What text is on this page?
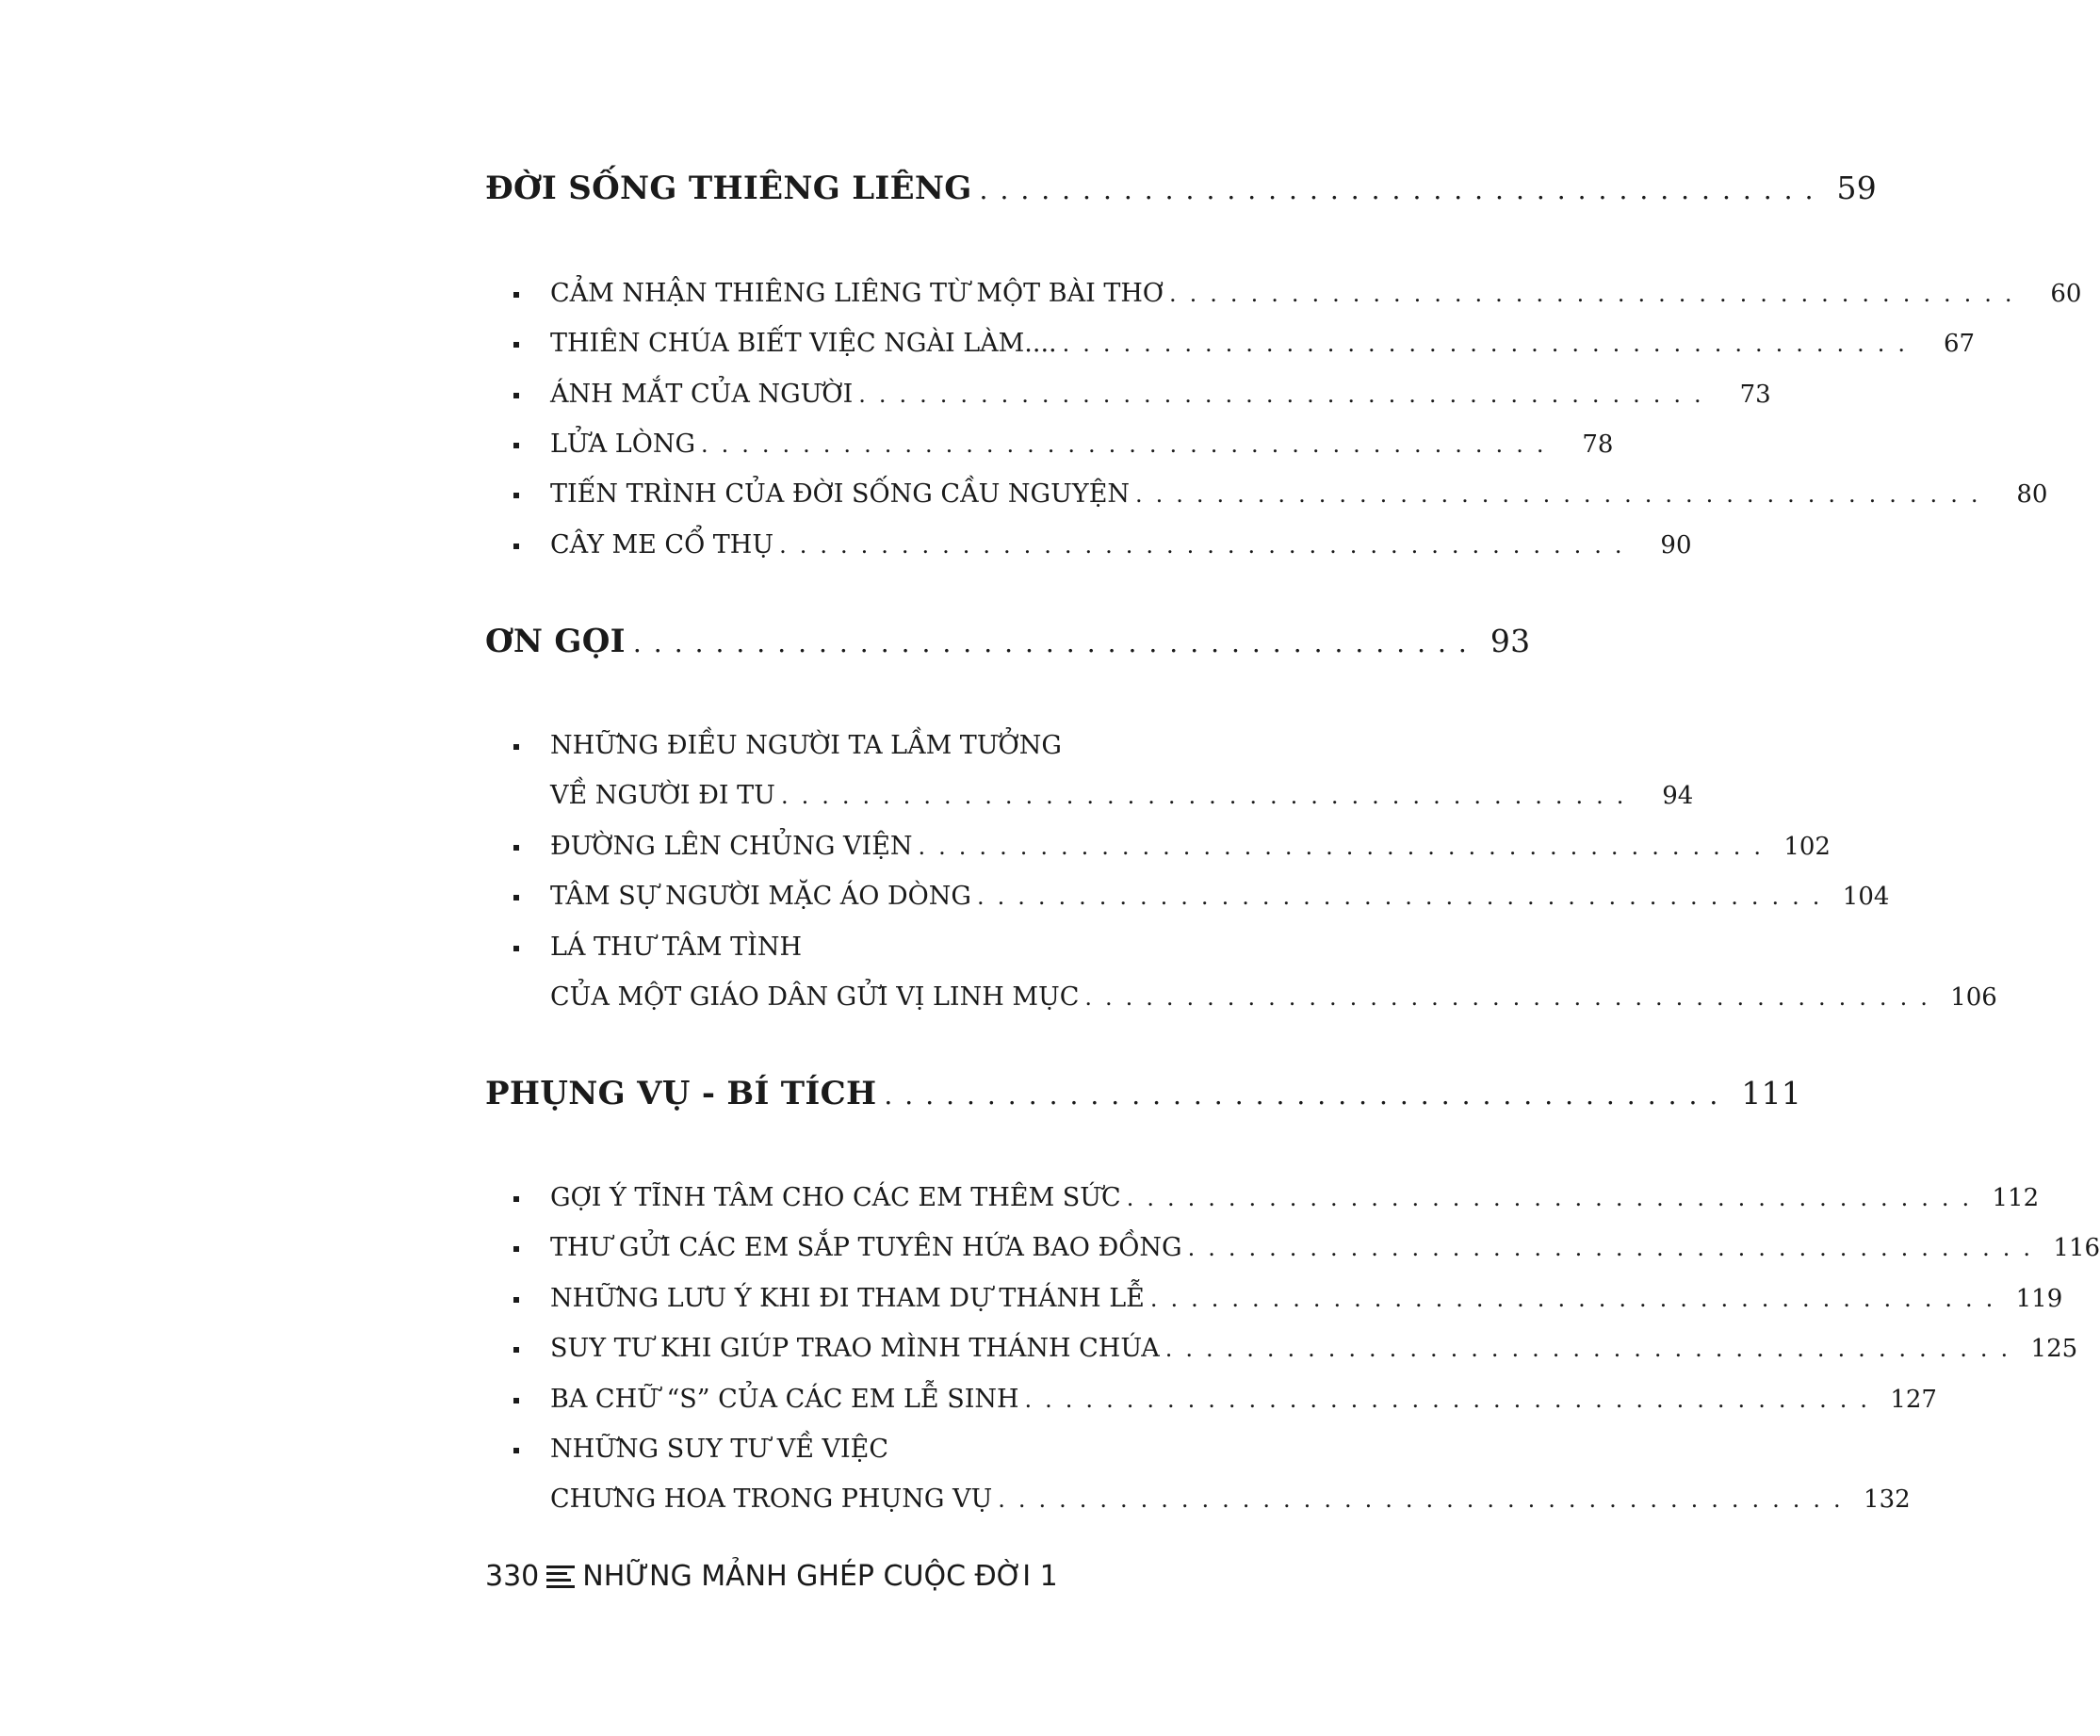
ĐỜI SỐNG THIÊNG LIÊNG ......................................... 59
CẢM NHẬN THIÊNG LIÊNG TỪ MỘT BÀI THƠ ..........................................	60
THIÊN CHÚA BIẾT VIỆC NGÀI LÀM.... ..........................................	67
ÁNH MẮT CỦA NGƯỜI ..........................................	73
LỬA LÒNG ..........................................	78
TIẾN TRÌNH CỦA ĐỜI SỐNG CẦU NGUYỆN ..........................................	80
CÂY ME CỔ THỤ ..........................................	90
ƠN GỌI ......................................... 93
NHỮNG ĐIỀU NGƯỜI TA LẦM TƯỞNG
VỀ NGƯỜI ĐI TU ..........................................	94
ĐƯỜNG LÊN CHỦNG VIỆN .......................................... 102
TÂM SỰ NGƯỜI MẶC ÁO DÒNG .......................................... 104
LÁ THƯ TÂM TÌNH
CỦA MỘT GIÁO DÂN GỬI VỊ LINH MỤC .......................................... 106
PHỤNG VỤ - BÍ TÍCH ......................................... 111
GỢI Ý TĨNH TÂM CHO CÁC EM THÊM SỨC .......................................... 112
THƯ GỬI CÁC EM SẮP TUYÊN HỨA BAO ĐỒNG .......................................... 116
NHỮNG LƯU Ý KHI ĐI THAM DỰ THÁNH LỄ .......................................... 119
SUY TƯ KHI GIÚP TRAO MÌNH THÁNH CHÚA .......................................... 125
BA CHỮ “S” CỦA CÁC EM LỄ SINH .......................................... 127
NHỮNG SUY TƯ VỀ VIỆC
CHƯNG HOA TRONG PHỤNG VỤ .......................................... 132
330 NHỮNG MẢNH GHÉP CUỘC ĐỜI 1
